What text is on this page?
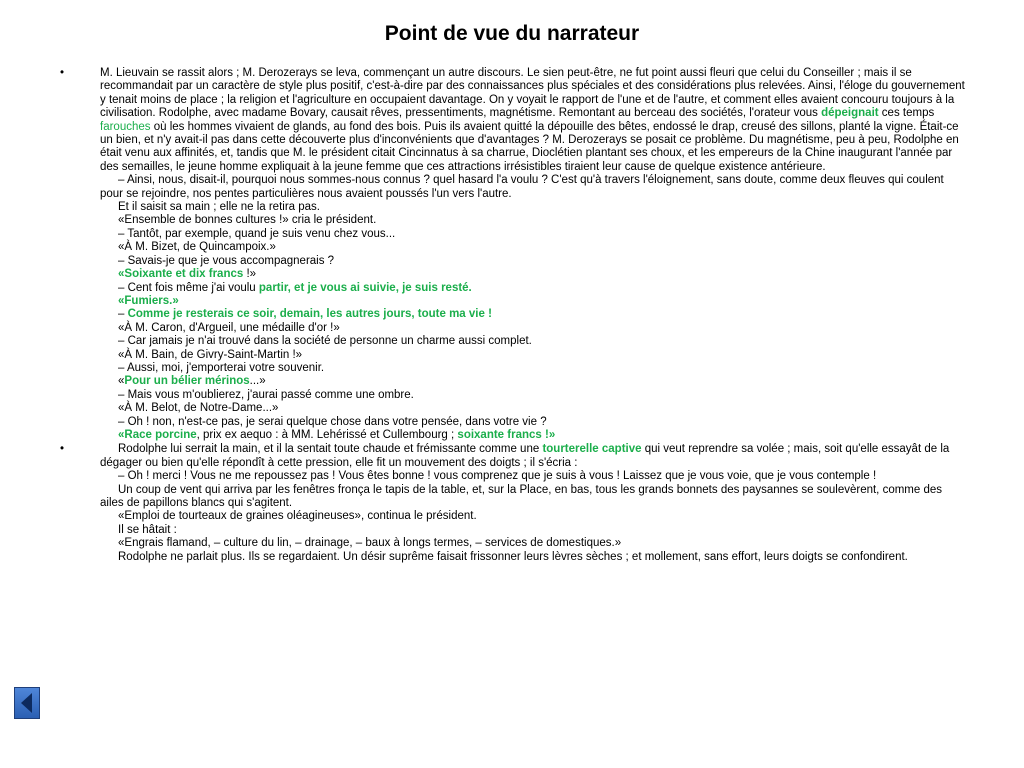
Point de vue du narrateur
•	M. Lieuvain se rassit alors ; M. Derozerays se leva, commençant un autre discours. Le sien peut-être, ne fut point aussi fleuri que celui du Conseiller ; mais il se recommandait par un caractère de style plus positif, c'est-à-dire par des connaissances plus spéciales et des considérations plus relevées. Ainsi, l'éloge du gouvernement y tenait moins de place ; la religion et l'agriculture en occupaient davantage. On y voyait le rapport de l'une et de l'autre, et comment elles avaient concouru toujours à la civilisation. Rodolphe, avec madame Bovary, causait rêves, pressentiments, magnétisme. Remontant au berceau des sociétés, l'orateur vous dépeignait ces temps farouches où les hommes vivaient de glands, au fond des bois. Puis ils avaient quitté la dépouille des bêtes, endossé le drap, creusé des sillons, planté la vigne. Était-ce un bien, et n'y avait-il pas dans cette découverte plus d'inconvénients que d'avantages ? M. Derozerays se posait ce problème. Du magnétisme, peu à peu, Rodolphe en était venu aux affinités, et, tandis que M. le président citait Cincinnatus à sa charrue, Dioclétien plantant ses choux, et les empereurs de la Chine inaugurant l'année par des semailles, le jeune homme expliquait à la jeune femme que ces attractions irrésistibles tiraient leur cause de quelque existence antérieure.
– Ainsi, nous, disait-il, pourquoi nous sommes-nous connus ? quel hasard l'a voulu ? C'est qu'à travers l'éloignement, sans doute, comme deux fleuves qui coulent pour se rejoindre, nos pentes particulières nous avaient poussés l'un vers l'autre.
Et il saisit sa main ; elle ne la retira pas.
«Ensemble de bonnes cultures !» cria le président.
– Tantôt, par exemple, quand je suis venu chez vous...
«À M. Bizet, de Quincampoix.»
– Savais-je que je vous accompagnerais ?
«Soixante et dix francs !»
– Cent fois même j'ai voulu partir, et je vous ai suivie, je suis resté.
«Fumiers.»
– Comme je resterais ce soir, demain, les autres jours, toute ma vie !
«À M. Caron, d'Argueil, une médaille d'or !»
– Car jamais je n'ai trouvé dans la société de personne un charme aussi complet.
«À M. Bain, de Givry-Saint-Martin !»
– Aussi, moi, j'emporterai votre souvenir.
«Pour un bélier mérinos...»
– Mais vous m'oublierez, j'aurai passé comme une ombre.
«À M. Belot, de Notre-Dame...»
– Oh ! non, n'est-ce pas, je serai quelque chose dans votre pensée, dans votre vie ?
«Race porcine, prix ex aequo : à MM. Lehérissé et Cullembourg ; soixante francs !»
•	Rodolphe lui serrait la main, et il la sentait toute chaude et frémissante comme une tourterelle captive qui veut reprendre sa volée ; mais, soit qu'elle essayât de la dégager ou bien qu'elle répondît à cette pression, elle fit un mouvement des doigts ; il s'écria :
– Oh ! merci ! Vous ne me repoussez pas ! Vous êtes bonne ! vous comprenez que je suis à vous ! Laissez que je vous voie, que je vous contemple !
Un coup de vent qui arriva par les fenêtres fronça le tapis de la table, et, sur la Place, en bas, tous les grands bonnets des paysannes se soulevèrent, comme des ailes de papillons blancs qui s'agitent.
«Emploi de tourteaux de graines oléagineuses», continua le président.
Il se hâtait :
«Engrais flamand, – culture du lin, – drainage, – baux à longs termes, – services de domestiques.»
Rodolphe ne parlait plus. Ils se regardaient. Un désir suprême faisait frissonner leurs lèvres sèches ; et mollement, sans effort, leurs doigts se confondirent.
